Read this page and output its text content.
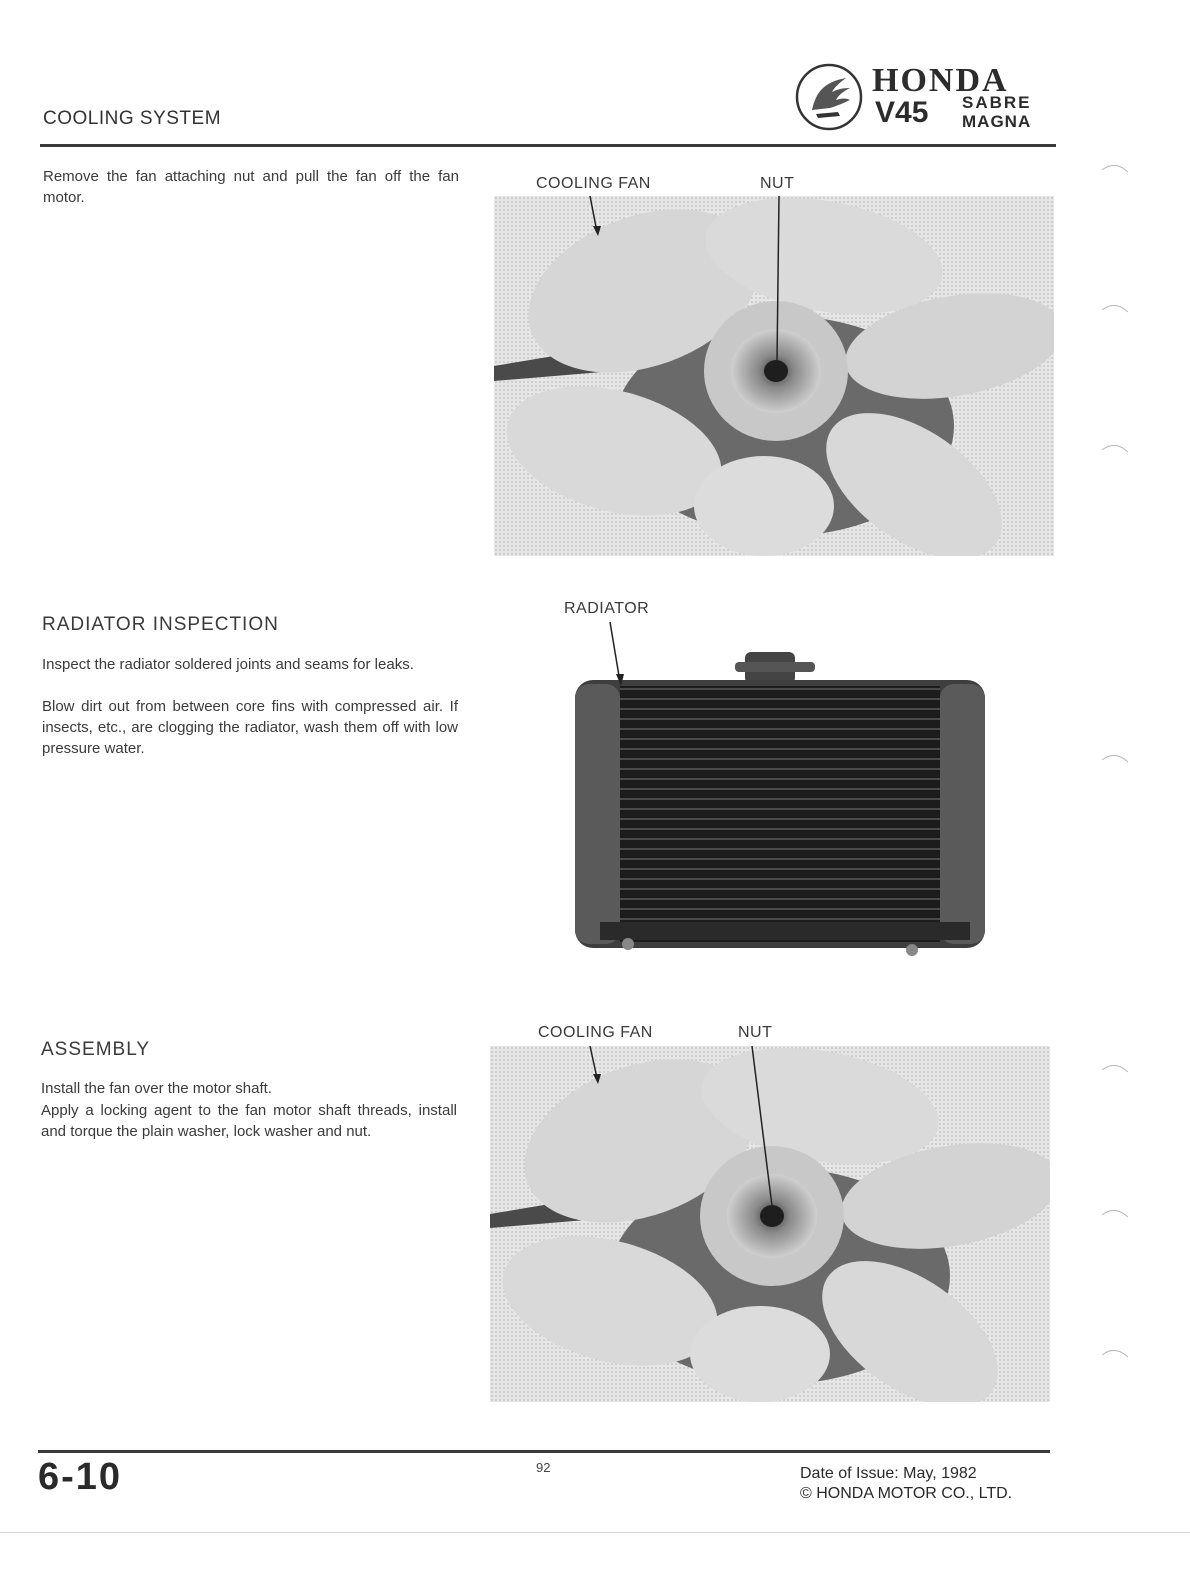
COOLING SYSTEM
HONDA
V45 SABRE
MAGNA
Remove the fan attaching nut and pull the fan off the fan motor.
COOLING FAN	NUT
RADIATOR INSPECTION
Inspect the radiator soldered joints and seams for leaks.
Blow dirt out from between core fins with compressed air. If insects, etc., are clogging the radiator, wash them off with low pressure water.
RADIATOR
ASSEMBLY
Install the fan over the motor shaft.
Apply a locking agent to the fan motor shaft threads, install and torque the plain washer, lock washer and nut.
COOLING FAN	NUT
6-10	92	Date of Issue: May, 1982
© HONDA MOTOR CO., LTD.
